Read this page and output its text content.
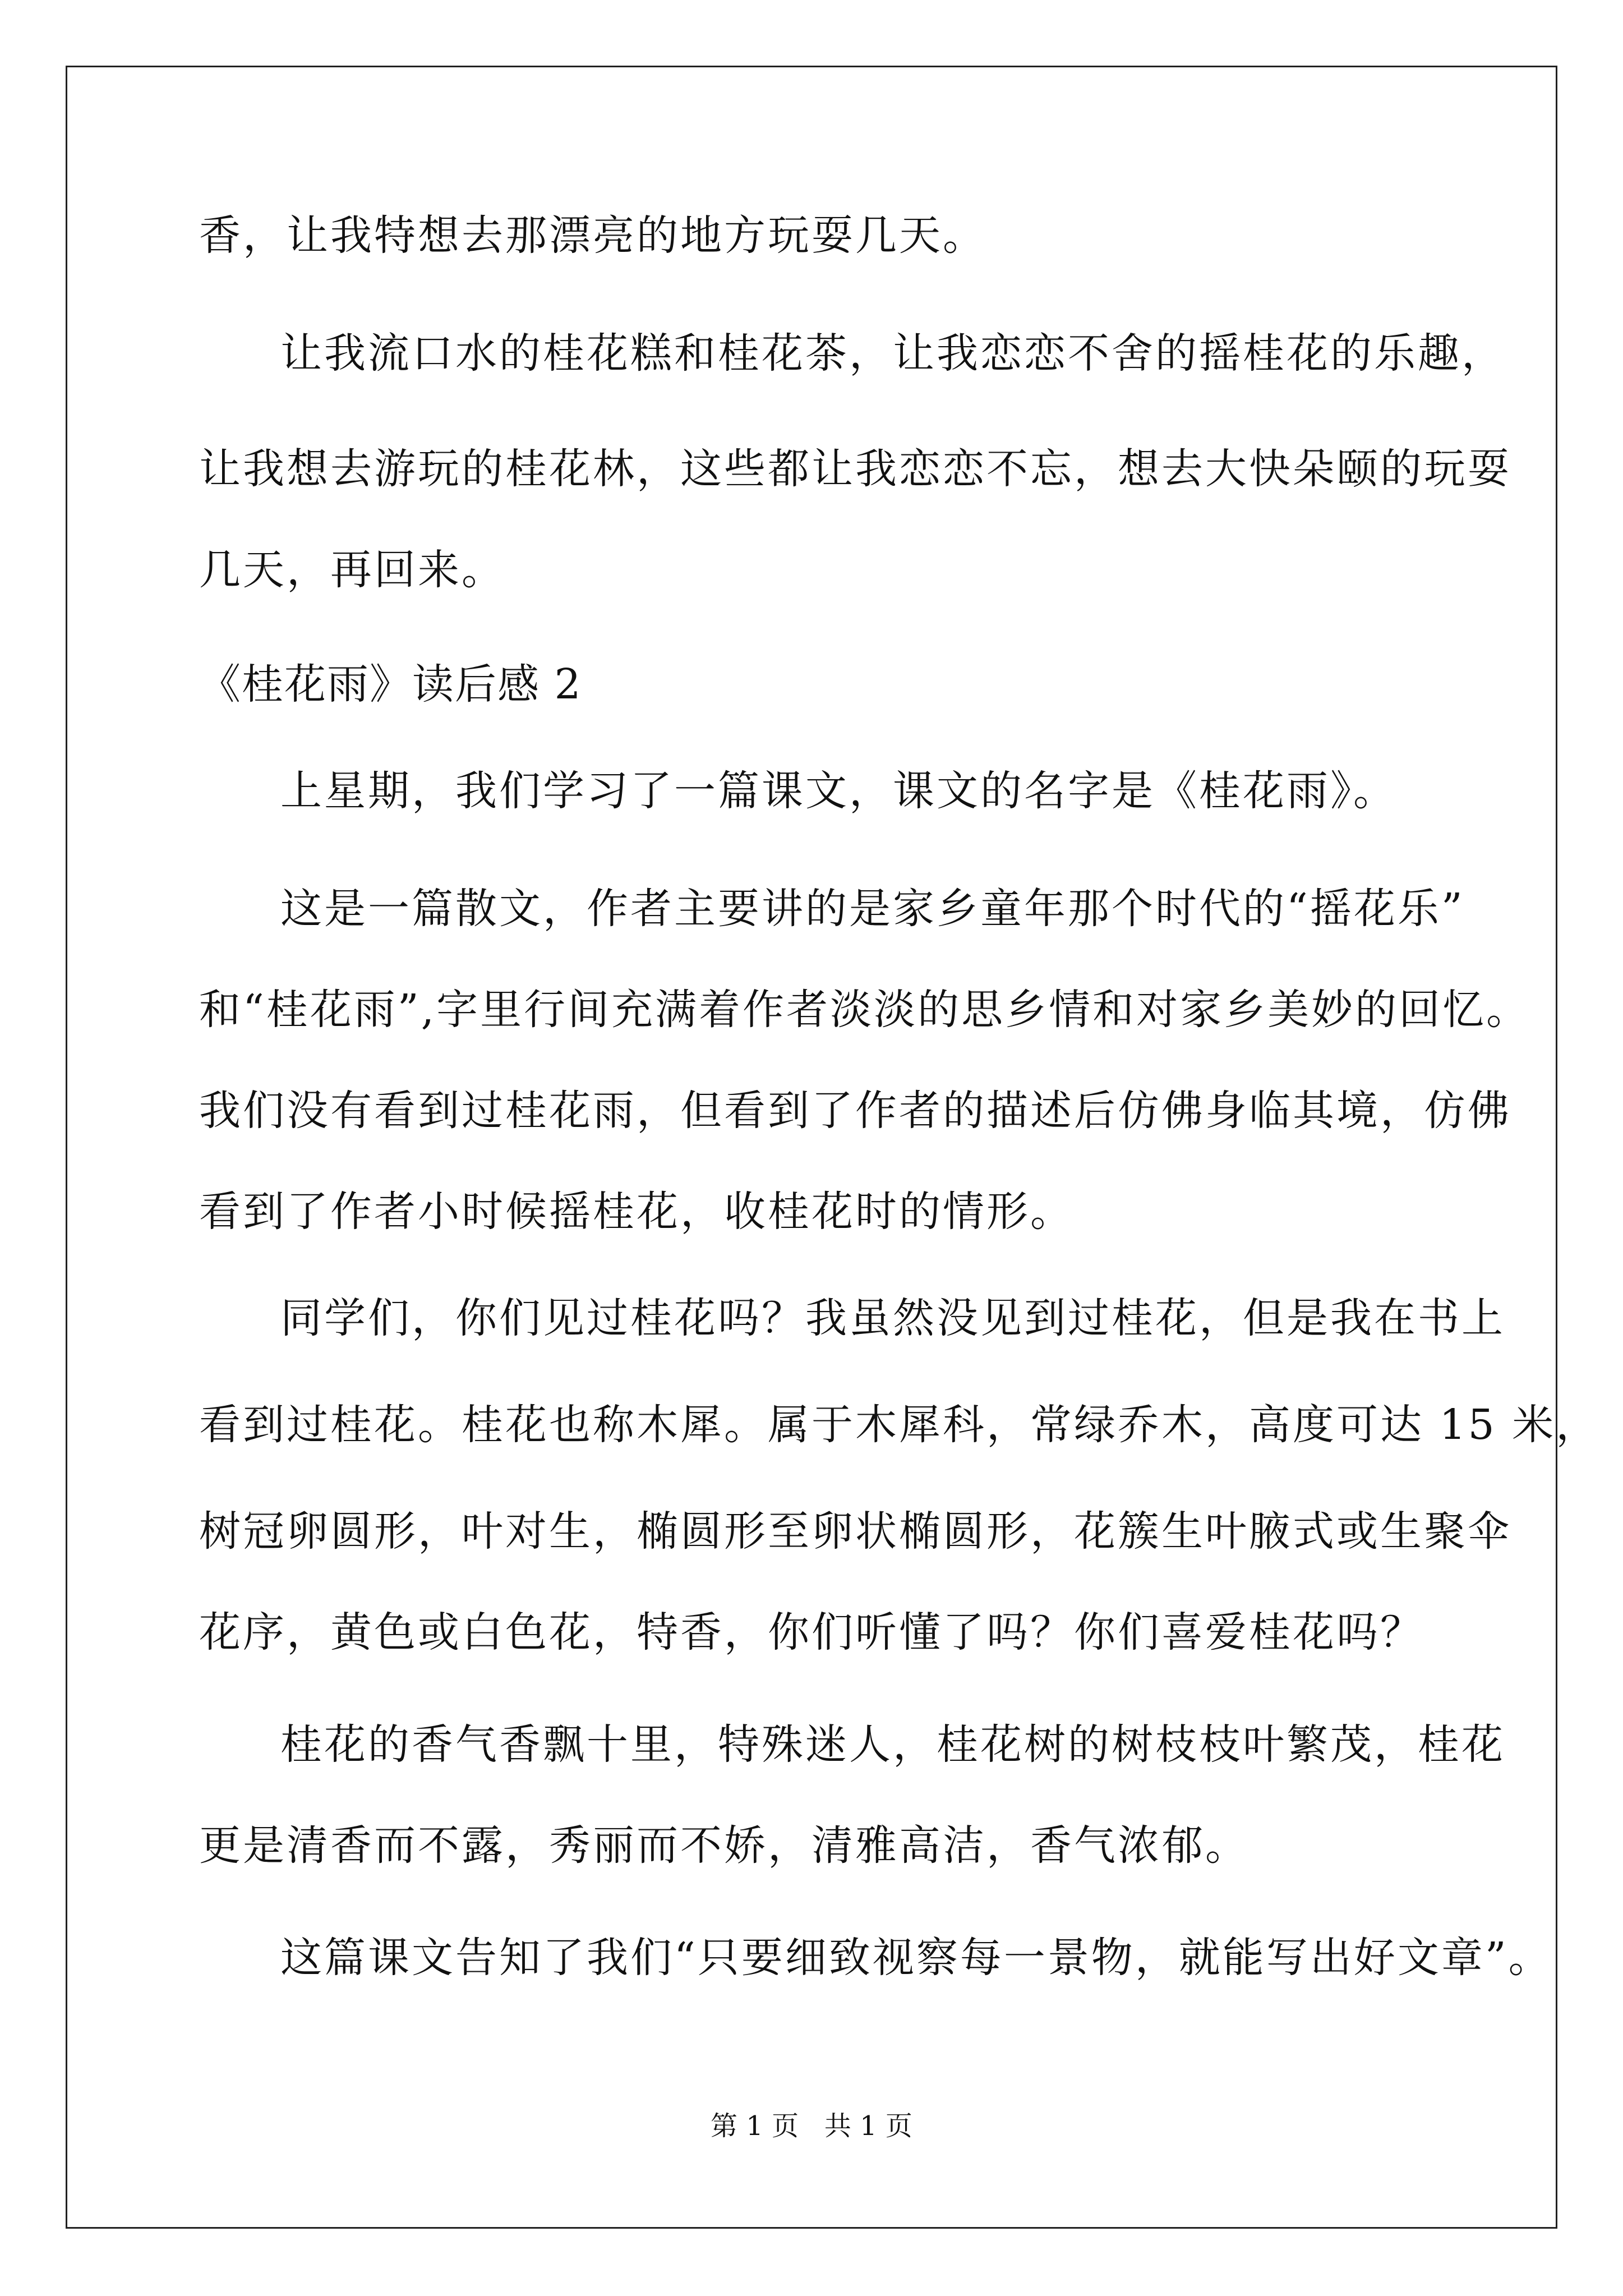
香，让我特想去那漂亮的地方玩耍几天。
让我流口水的桂花糕和桂花茶，让我恋恋不舍的摇桂花的乐趣，
让我想去游玩的桂花林，这些都让我恋恋不忘，想去大快朵颐的玩耍
几天，再回来。
《桂花雨》读后感 2
上星期，我们学习了一篇课文，课文的名字是《桂花雨》。
这是一篇散文，作者主要讲的是家乡童年那个时代的“摇花乐”
和“桂花雨”,字里行间充满着作者淡淡的思乡情和对家乡美妙的回忆。
我们没有看到过桂花雨，但看到了作者的描述后仿佛身临其境，仿佛
看到了作者小时候摇桂花，收桂花时的情形。
同学们，你们见过桂花吗？我虽然没见到过桂花，但是我在书上
看到过桂花。桂花也称木犀。属于木犀科，常绿乔木，高度可达 15 米，
树冠卵圆形，叶对生，椭圆形至卵状椭圆形，花簇生叶腋式或生聚伞
花序，黄色或白色花，特香，你们听懂了吗？你们喜爱桂花吗？
桂花的香气香飘十里，特殊迷人，桂花树的树枝枝叶繁茂，桂花
更是清香而不露，秀丽而不娇，清雅高洁，香气浓郁。
这篇课文告知了我们“只要细致视察每一景物，就能写出好文章”。
第 1 页   共 1 页
